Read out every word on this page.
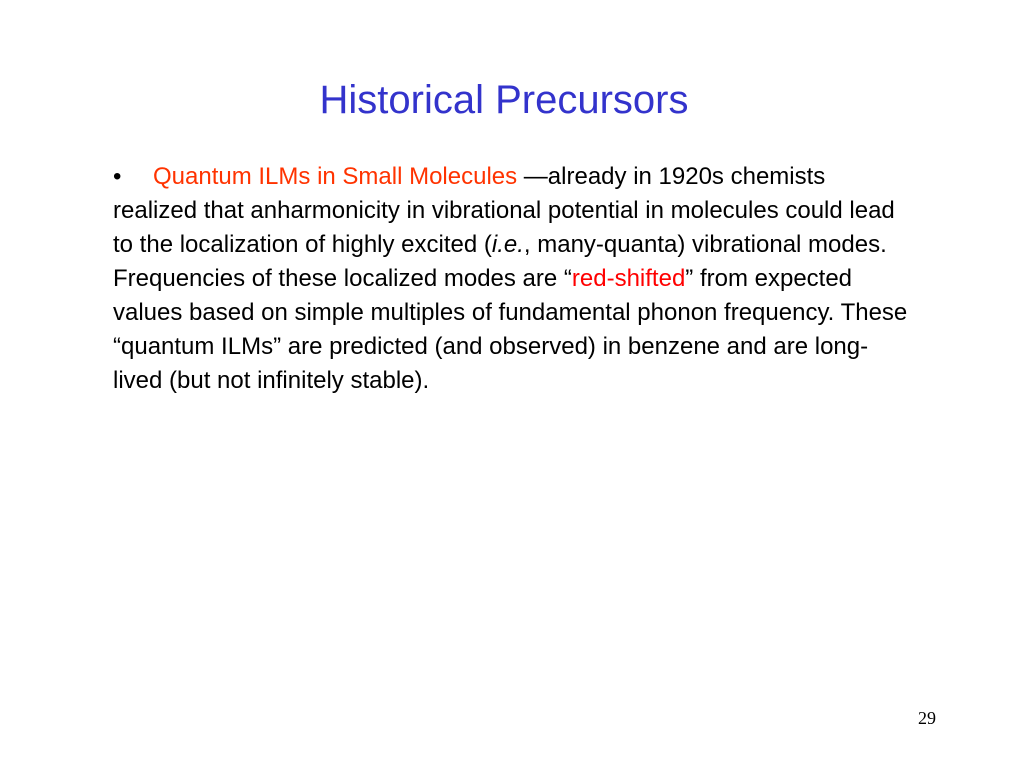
Historical Precursors
• Quantum ILMs in Small Molecules —already in 1920s chemists realized that anharmonicity in vibrational potential in molecules could lead to the localization of highly excited (i.e., many-quanta) vibrational modes. Frequencies of these localized modes are “red-shifted” from expected values based on simple multiples of fundamental phonon frequency. These “quantum ILMs” are predicted (and observed) in benzene and are long-lived (but not infinitely stable).
29
